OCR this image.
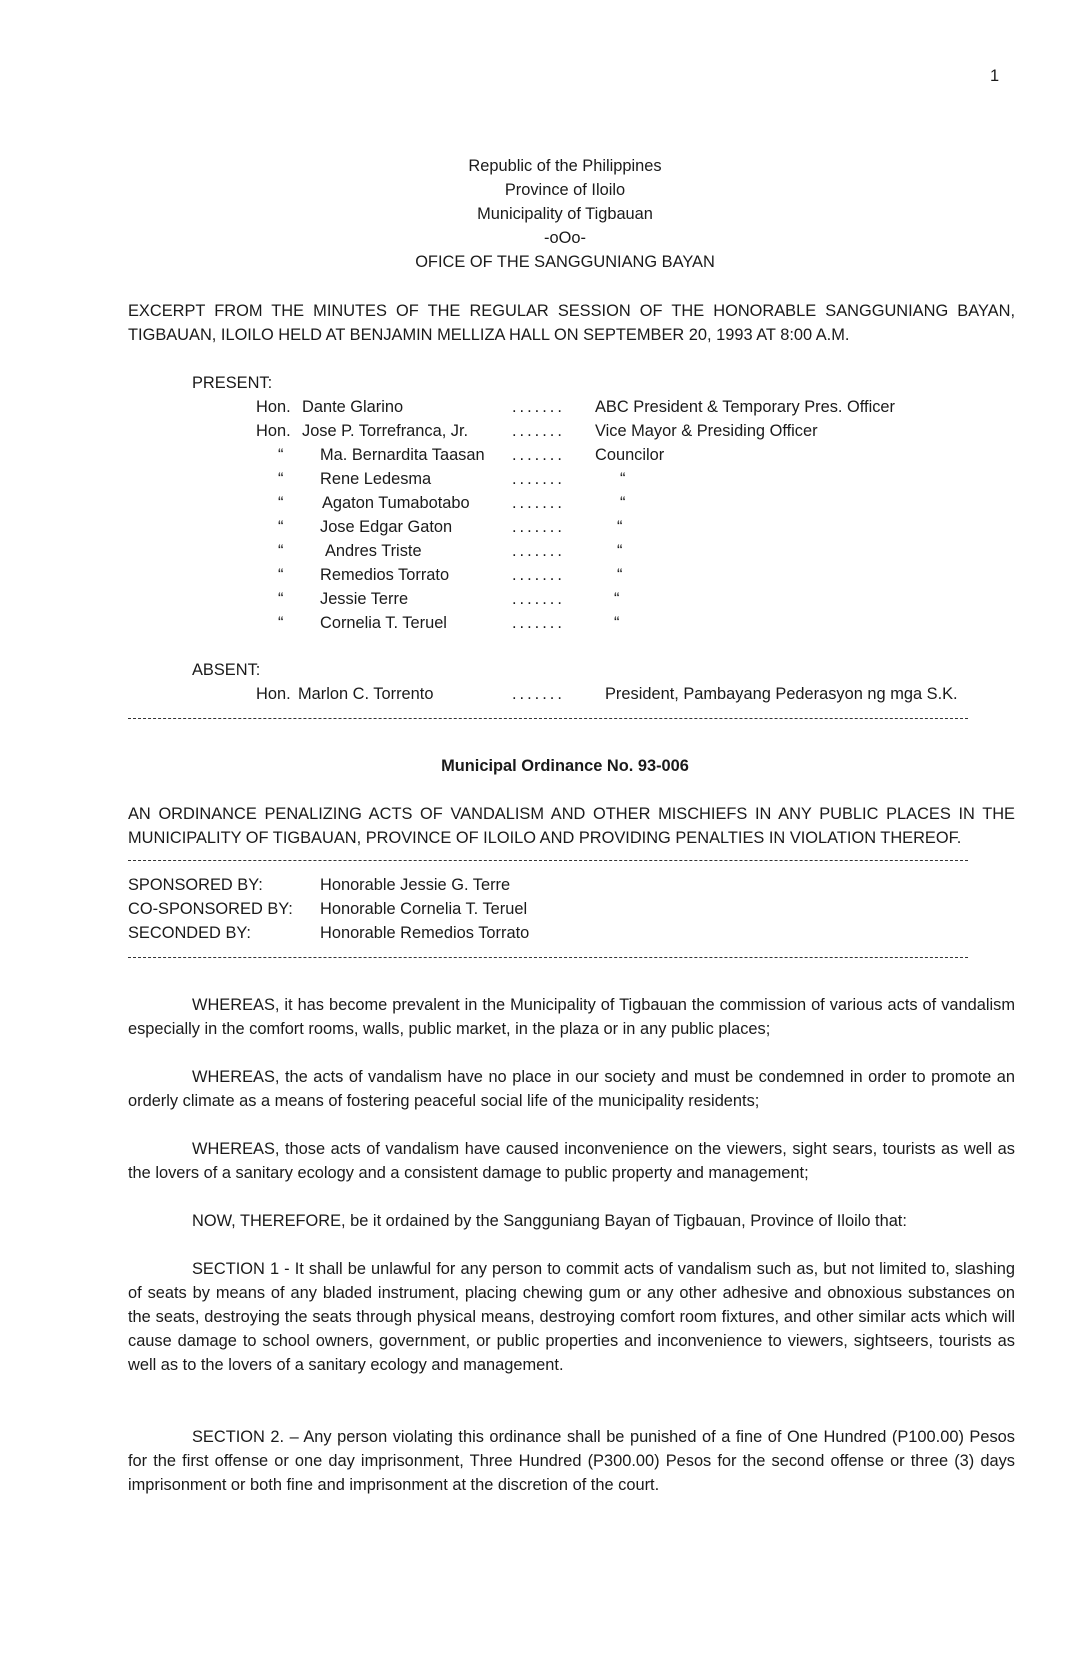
1
Republic of the Philippines
Province of Iloilo
Municipality of Tigbauan
-oOo-
OFICE OF THE SANGGUNIANG BAYAN
EXCERPT FROM THE MINUTES OF THE REGULAR SESSION OF THE HONORABLE SANGGUNIANG BAYAN, TIGBAUAN, ILOILO HELD AT BENJAMIN MELLIZA HALL ON SEPTEMBER 20, 1993 AT 8:00 A.M.
PRESENT:
Hon. Dante Glarino	....... ABC President & Temporary Pres. Officer
Hon. Jose P. Torrefranca, Jr.	....... Vice Mayor & Presiding Officer
“ Ma. Bernardita Taasan ....... Councilor
“ Rene Ledesma	.......	“
“ Agaton Tumabotabo	.......	“
“ Jose Edgar Gaton	.......	“
“	Andres Triste	.......	“
“ Remedios Torrato	.......	“
“ Jessie Terre	.......	“
“ Cornelia T. Teruel	.......	“
ABSENT:
Hon. Marlon C. Torrento	....... President, Pambayang Pederasyon ng mga S.K.
Municipal Ordinance No. 93-006
AN ORDINANCE PENALIZING ACTS OF VANDALISM AND OTHER MISCHIEFS IN ANY PUBLIC PLACES IN THE MUNICIPALITY OF TIGBAUAN, PROVINCE OF ILOILO AND PROVIDING PENALTIES IN VIOLATION THEREOF.
SPONSORED BY:	Honorable Jessie G. Terre
CO-SPONSORED BY: Honorable Cornelia T. Teruel
SECONDED BY:	Honorable Remedios Torrato
WHEREAS, it has become prevalent in the Municipality of Tigbauan the commission of various acts of vandalism especially in the comfort rooms, walls, public market, in the plaza or in any public places;
WHEREAS, the acts of vandalism have no place in our society and must be condemned in order to promote an orderly climate as a means of fostering peaceful social life of the municipality residents;
WHEREAS, those acts of vandalism have caused inconvenience on the viewers, sight sears, tourists as well as the lovers of a sanitary ecology and a consistent damage to public property and management;
NOW, THEREFORE, be it ordained by the Sangguniang Bayan of Tigbauan, Province of Iloilo that:
SECTION 1 - It shall be unlawful for any person to commit acts of vandalism such as, but not limited to, slashing of seats by means of any bladed instrument, placing chewing gum or any other adhesive and obnoxious substances on the seats, destroying the seats through physical means, destroying comfort room fixtures, and other similar acts which will cause damage to school owners, government, or public properties and inconvenience to viewers, sightseers, tourists as well as to the lovers of a sanitary ecology and management.
SECTION 2. – Any person violating this ordinance shall be punished of a fine of One Hundred (P100.00) Pesos for the first offense or one day imprisonment, Three Hundred (P300.00) Pesos for the second offense or three (3) days imprisonment or both fine and imprisonment at the discretion of the court.
